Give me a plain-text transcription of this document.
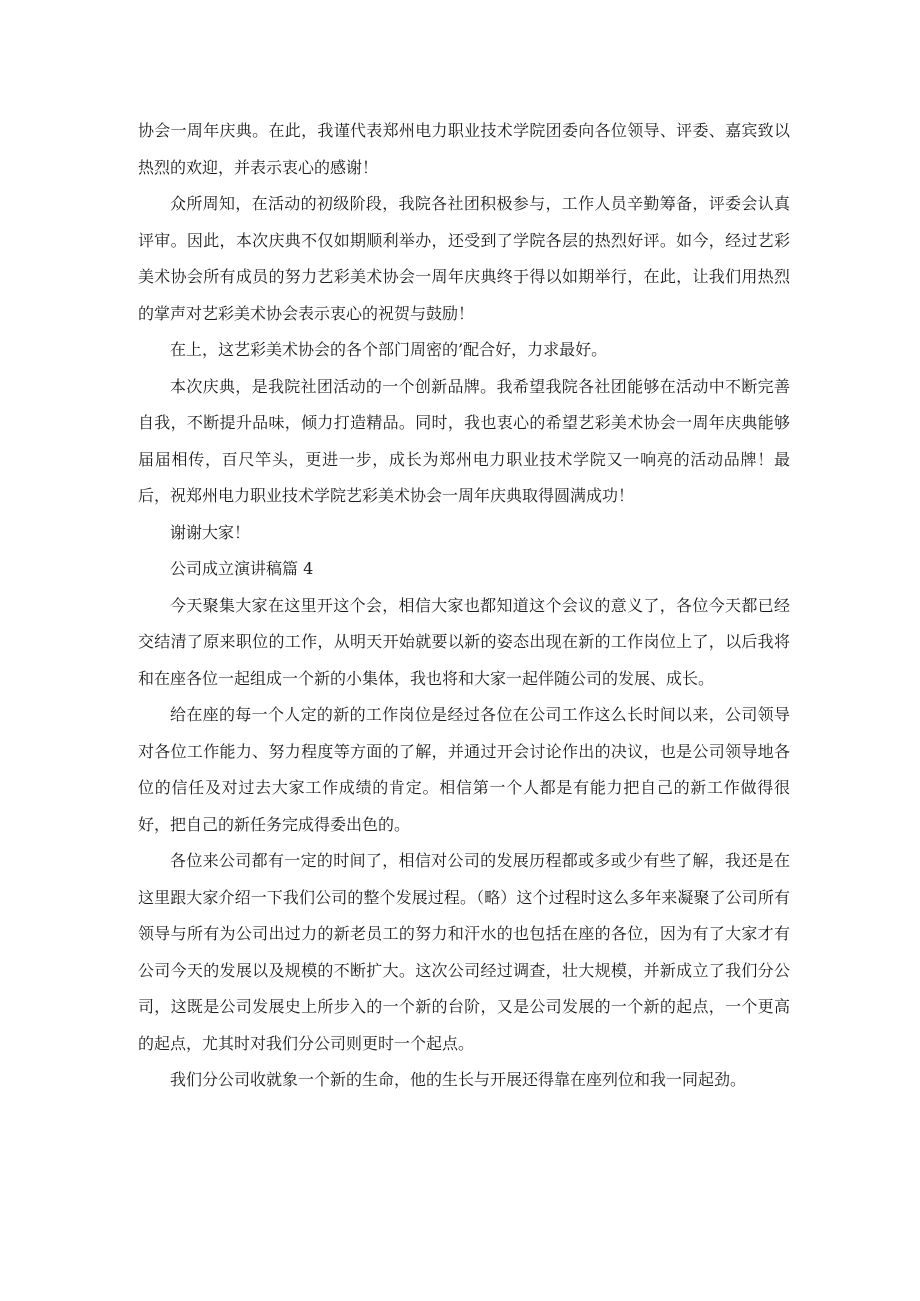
协会一周年庆典。在此，我谨代表郑州电力职业技术学院团委向各位领导、评委、嘉宾致以热烈的欢迎，并表示衷心的感谢！

众所周知，在活动的初级阶段，我院各社团积极参与，工作人员辛勤筹备，评委会认真评审。因此，本次庆典不仅如期顺利举办，还受到了学院各层的热烈好评。如今，经过艺彩美术协会所有成员的努力艺彩美术协会一周年庆典终于得以如期举行，在此，让我们用热烈的掌声对艺彩美术协会表示衷心的祝贺与鼓励！

在上，这艺彩美术协会的各个部门周密的’配合好，力求最好。

本次庆典，是我院社团活动的一个创新品牌。我希望我院各社团能够在活动中不断完善自我，不断提升品味，倾力打造精品。同时，我也衷心的希望艺彩美术协会一周年庆典能够届届相传，百尺竿头，更进一步，成长为郑州电力职业技术学院又一响亮的活动品牌！最后，祝郑州电力职业技术学院艺彩美术协会一周年庆典取得圆满成功！

谢谢大家！

公司成立演讲稿篇 4

今天聚集大家在这里开这个会，相信大家也都知道这个会议的意义了，各位今天都已经交结清了原来职位的工作，从明天开始就要以新的姿态出现在新的工作岗位上了，以后我将和在座各位一起组成一个新的小集体，我也将和大家一起伴随公司的发展、成长。

给在座的每一个人定的新的工作岗位是经过各位在公司工作这么长时间以来，公司领导对各位工作能力、努力程度等方面的了解，并通过开会讨论作出的决议，也是公司领导地各位的信任及对过去大家工作成绩的肯定。相信第一个人都是有能力把自己的新工作做得很好，把自己的新任务完成得委出色的。

各位来公司都有一定的时间了，相信对公司的发展历程都或多或少有些了解，我还是在这里跟大家介绍一下我们公司的整个发展过程。（略）这个过程时这么多年来凝聚了公司所有领导与所有为公司出过力的新老员工的努力和汗水的也包括在座的各位，因为有了大家才有公司今天的发展以及规模的不断扩大。这次公司经过调查，壮大规模，并新成立了我们分公司，这既是公司发展史上所步入的一个新的台阶，又是公司发展的一个新的起点，一个更高的起点，尤其时对我们分公司则更时一个起点。

我们分公司收就象一个新的生命，他的生长与开展还得靠在座列位和我一同起劲。
